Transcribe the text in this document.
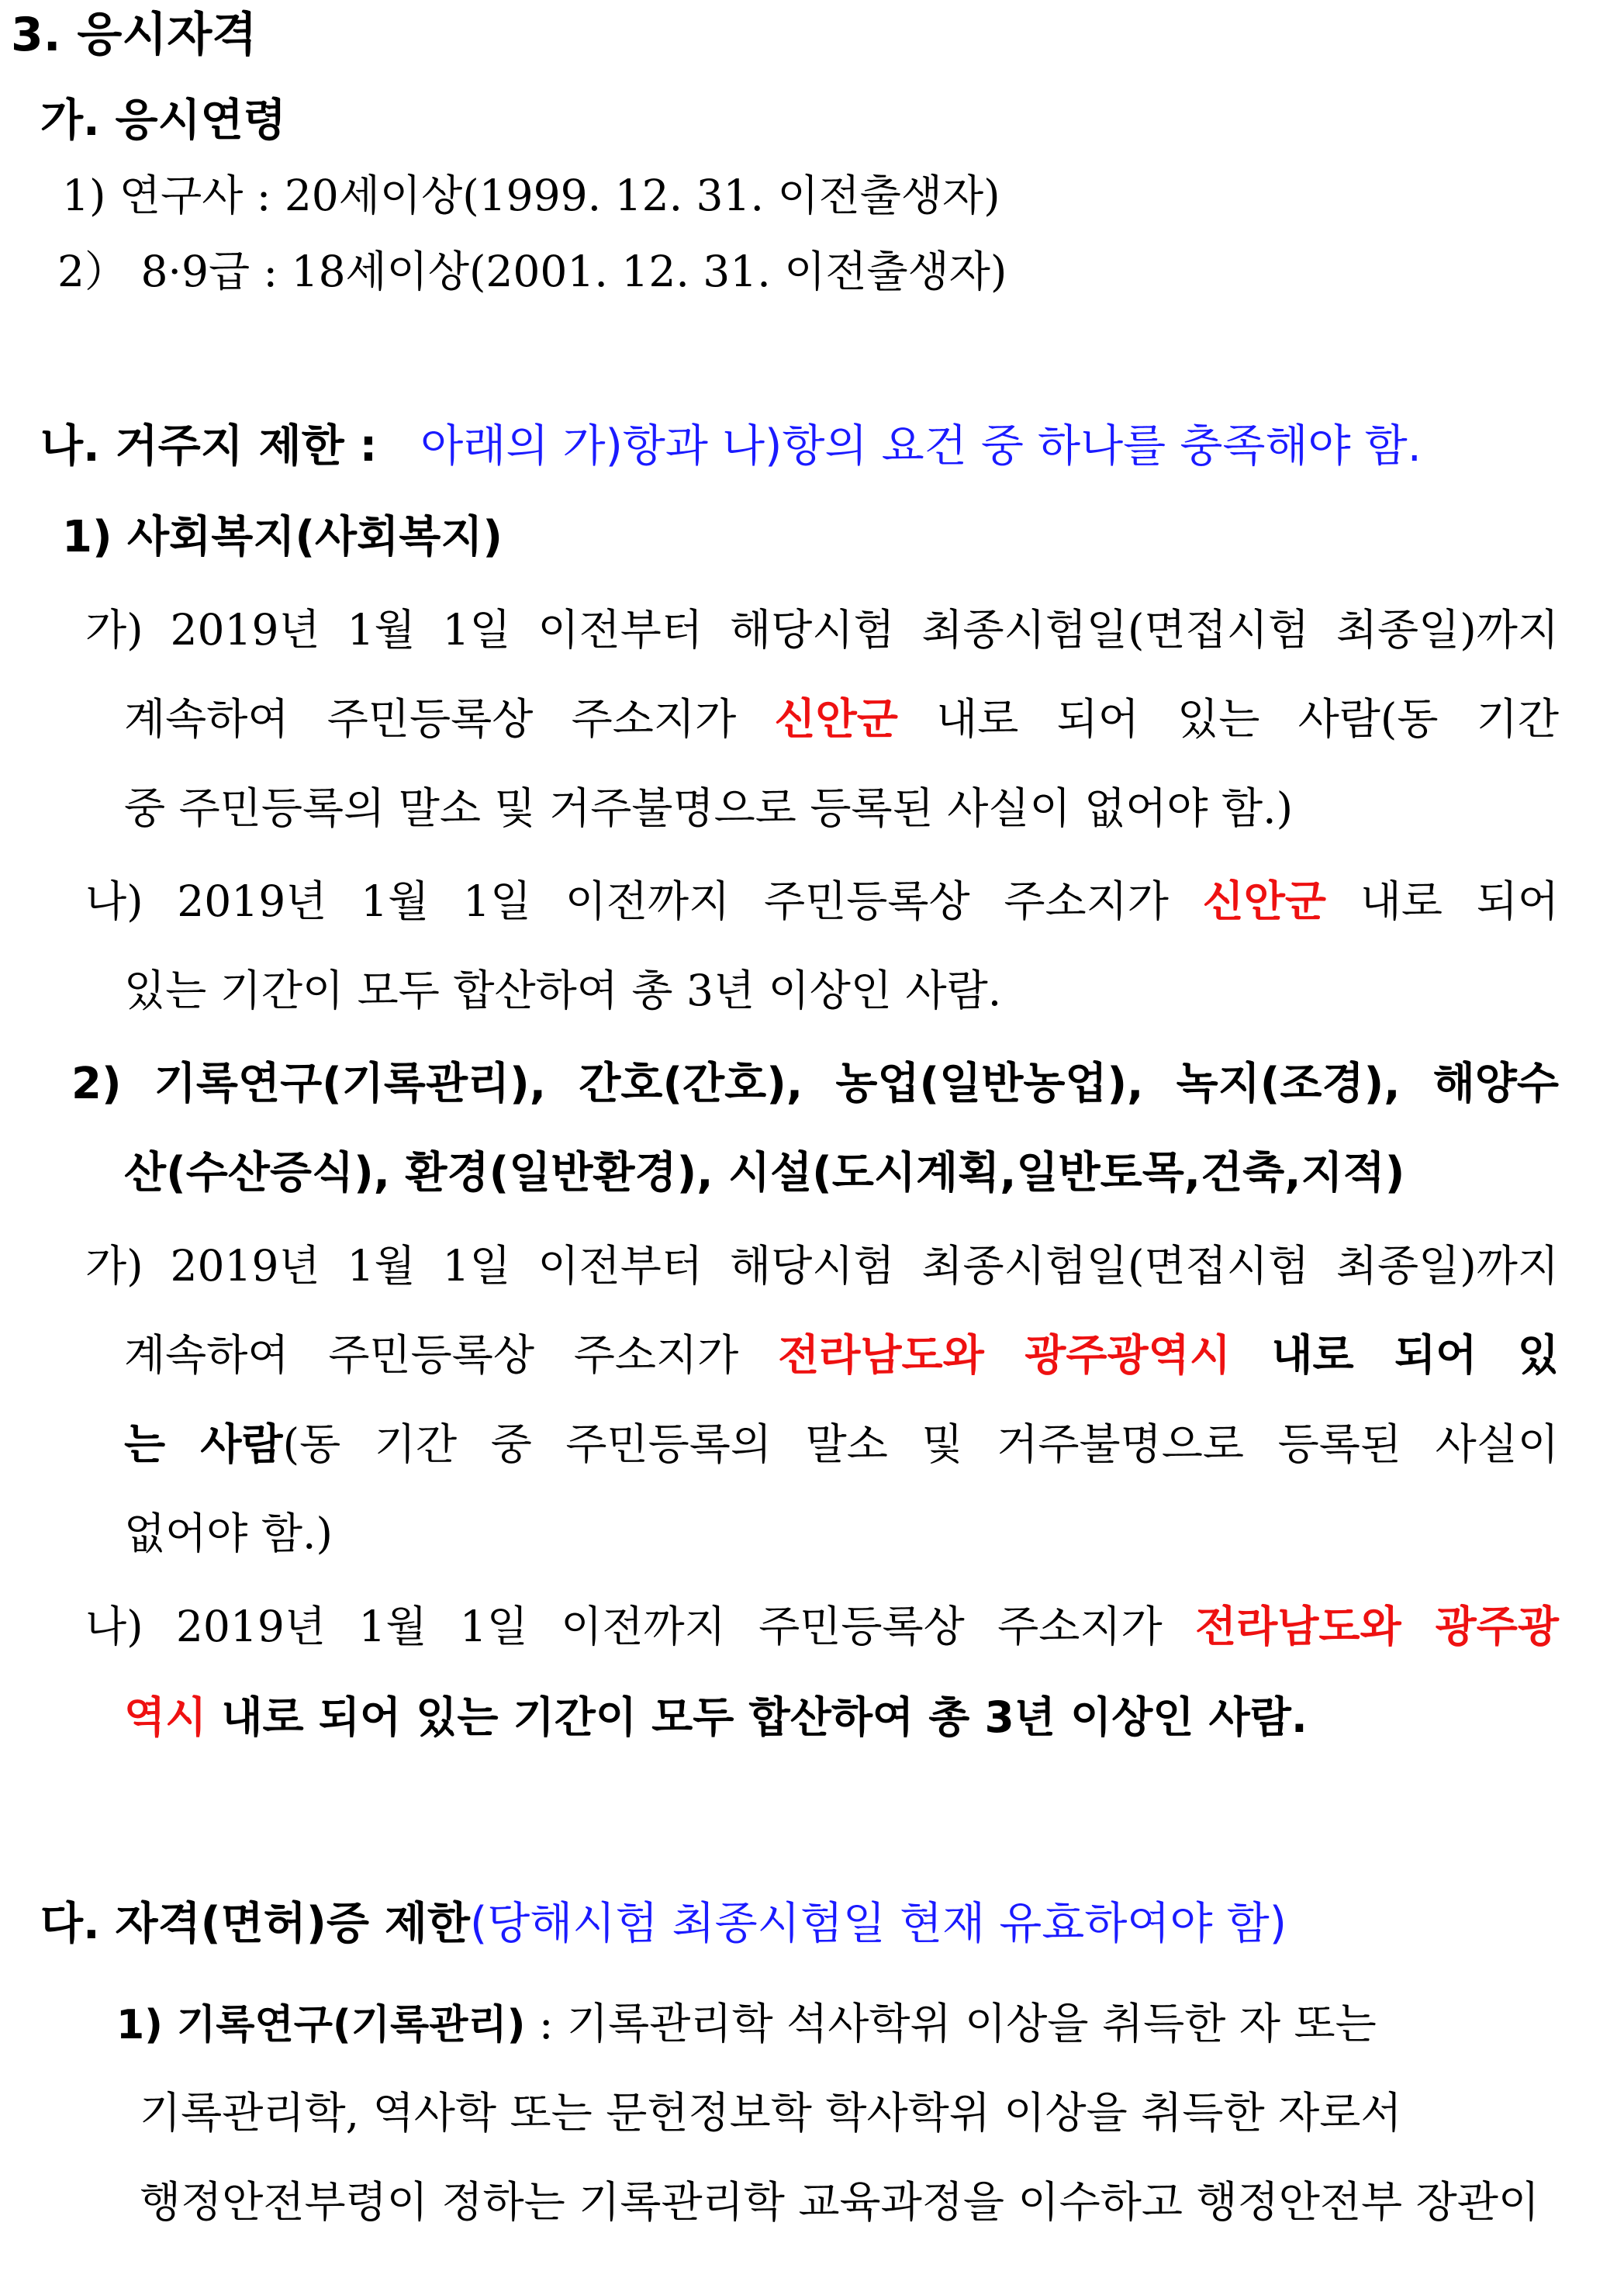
3. 응시자격
가. 응시연령
1) 연구사 : 20세이상(1999. 12. 31. 이전출생자)
2） 8·9급 : 18세이상(2001. 12. 31. 이전출생자)
나. 거주지 제한 : 아래의 가)항과 나)항의 요건 중 하나를 충족해야 함.
1) 사회복지(사회복지)
가) 2019년 1월 1일 이전부터 해당시험 최종시험일(면접시험 최종일)까지
계속하여 주민등록상 주소지가 신안군 내로 되어 있는 사람(동 기간
중 주민등록의 말소 및 거주불명으로 등록된 사실이 없어야 함.)
나) 2019년 1월 1일 이전까지 주민등록상 주소지가 신안군 내로 되어
있는 기간이 모두 합산하여 총 3년 이상인 사람.
2) 기록연구(기록관리), 간호(간호), 농업(일반농업), 녹지(조경), 해양수
산(수산증식), 환경(일반환경), 시설(도시계획,일반토목,건축,지적)
가) 2019년 1월 1일 이전부터 해당시험 최종시험일(면접시험 최종일)까지
계속하여 주민등록상 주소지가 전라남도와 광주광역시 내로 되어 있
는 사람(동 기간 중 주민등록의 말소 및 거주불명으로 등록된 사실이
없어야 함.)
나) 2019년 1월 1일 이전까지 주민등록상 주소지가 전라남도와 광주광
역시 내로 되어 있는 기간이 모두 합산하여 총 3년 이상인 사람.
다. 자격(면허)증 제한(당해시험 최종시험일 현재 유효하여야 함)
1) 기록연구(기록관리) : 기록관리학 석사학위 이상을 취득한 자 또는
기록관리학, 역사학 또는 문헌정보학 학사학위 이상을 취득한 자로서
행정안전부령이 정하는 기록관리학 교육과정을 이수하고 행정안전부 장관이
